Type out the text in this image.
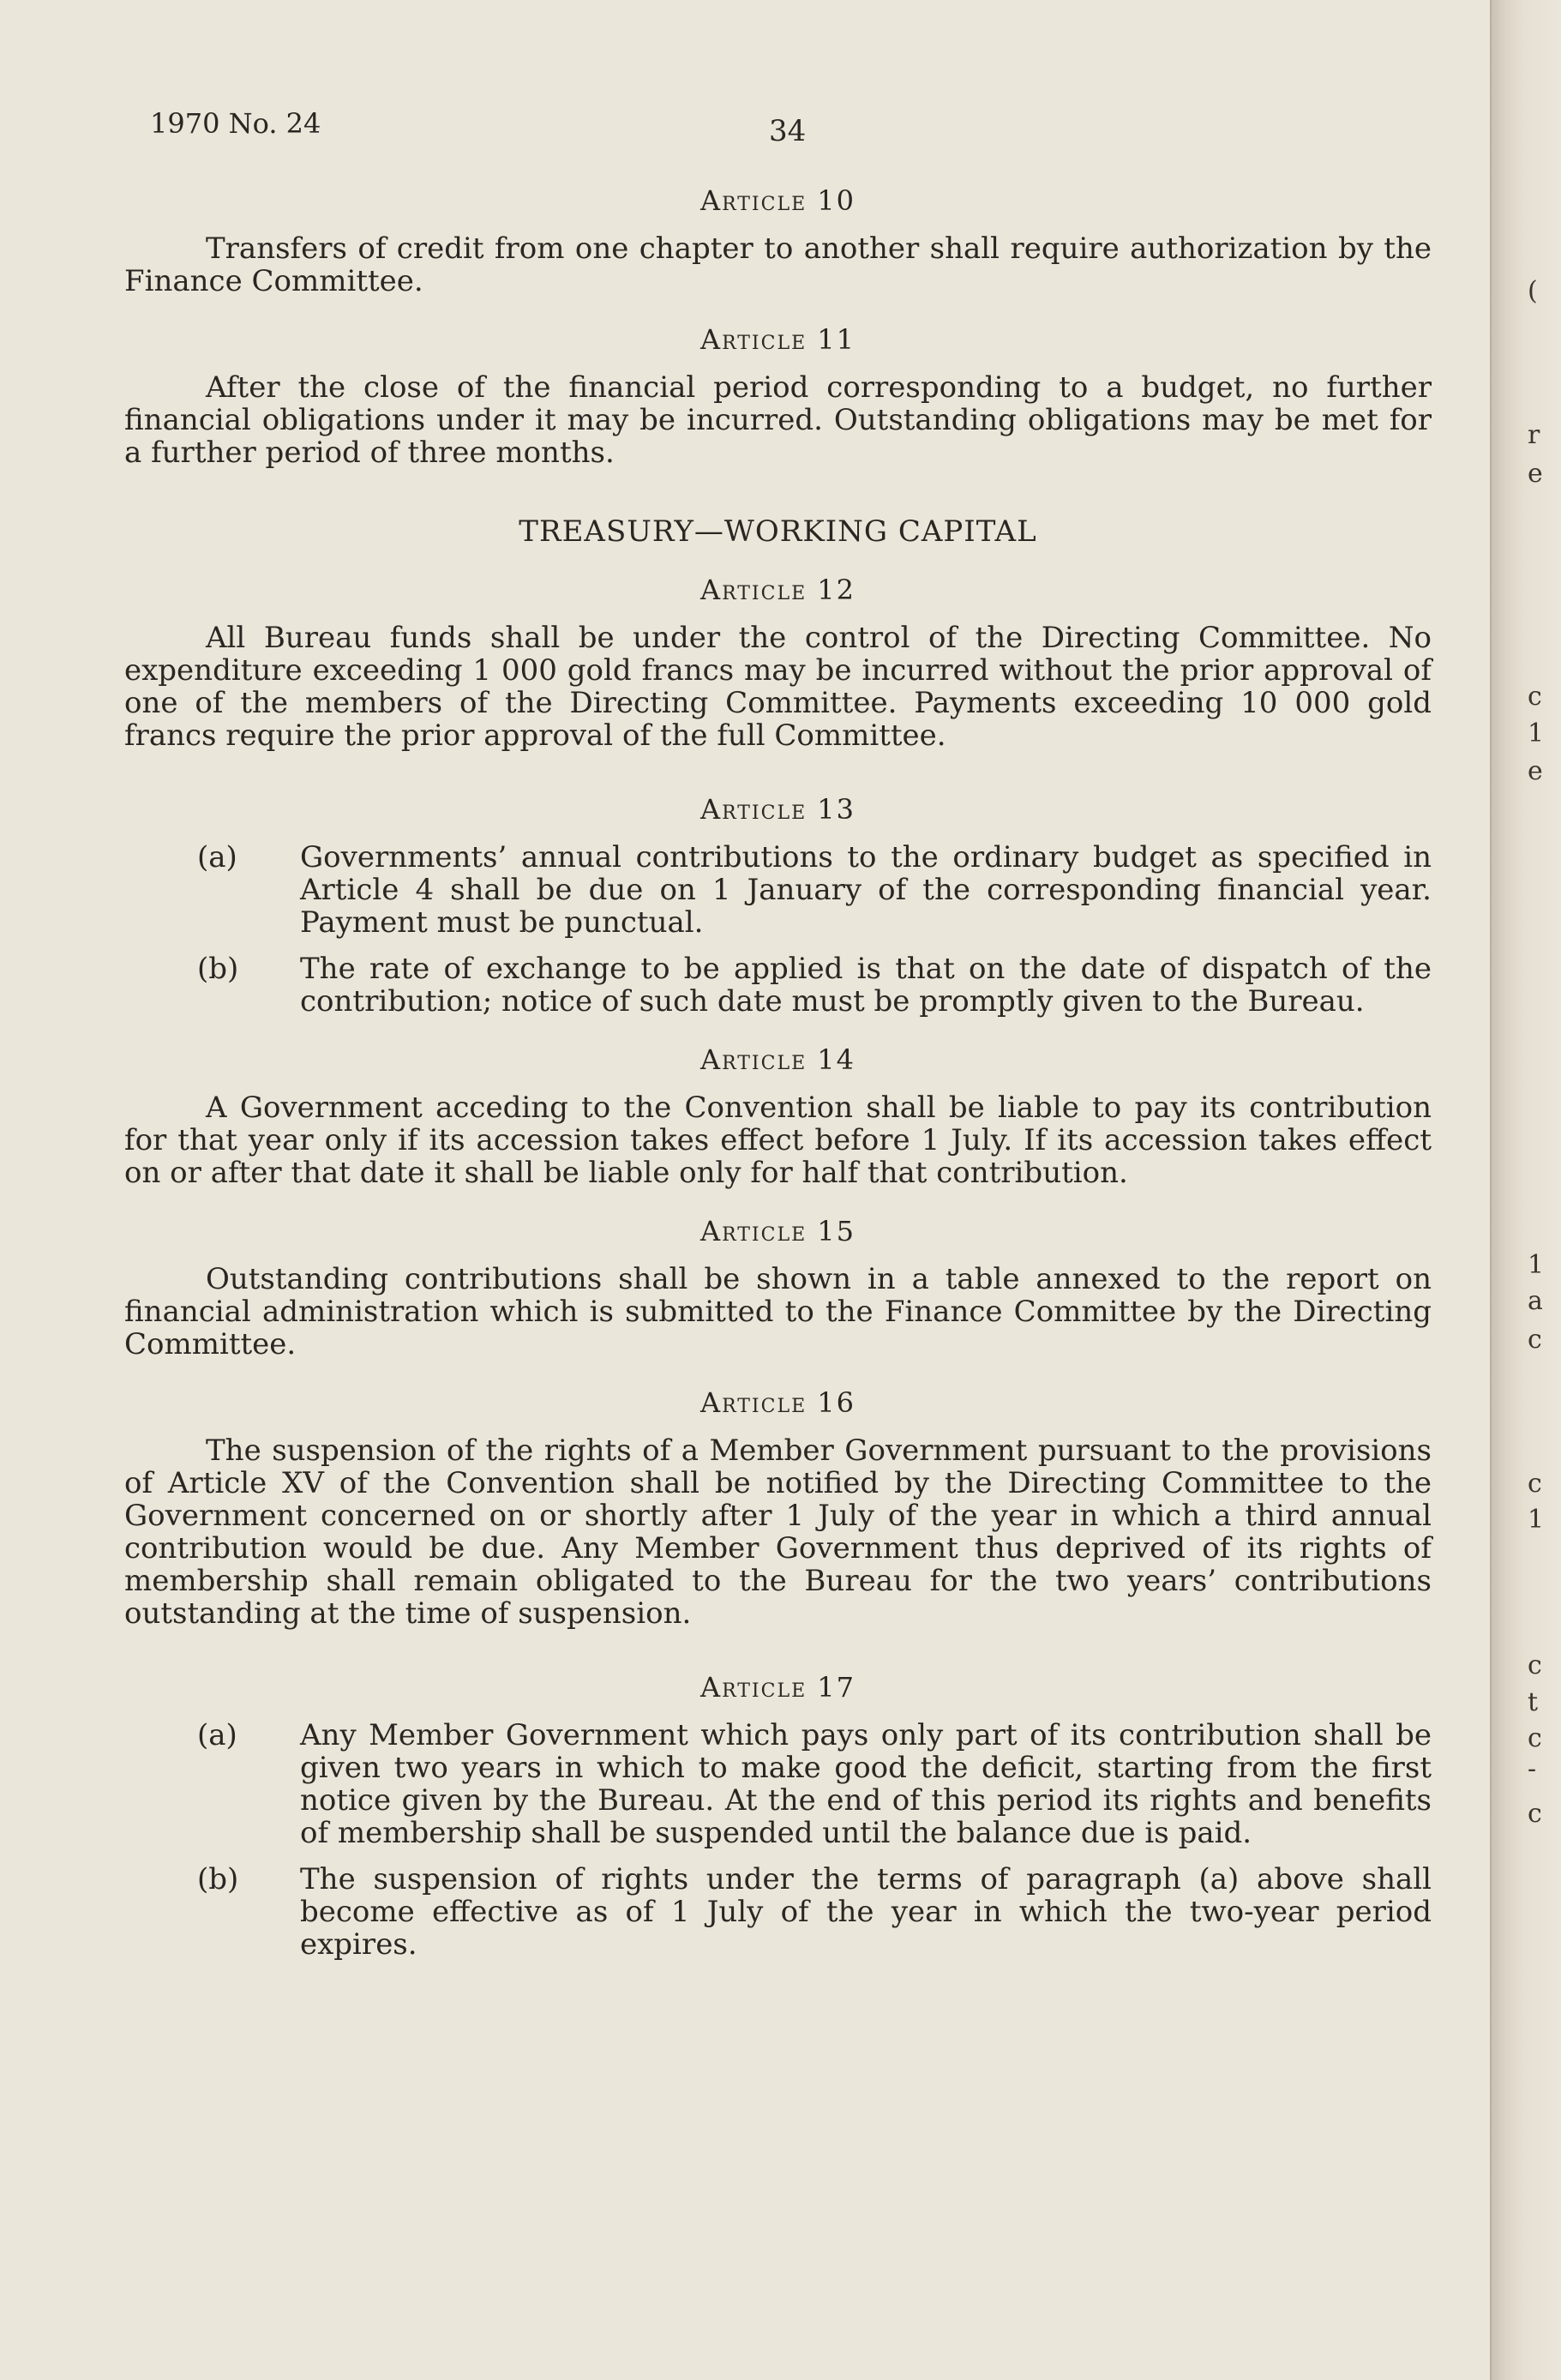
1970 No. 24	34
Article 10

Transfers of credit from one chapter to another shall require authorization by the Finance Committee.

Article 11

After the close of the financial period corresponding to a budget, no further financial obligations under it may be incurred. Outstanding obligations may be met for a further period of three months.

TREASURY—WORKING CAPITAL
Article 12

All Bureau funds shall be under the control of the Directing Committee. No expenditure exceeding 1 000 gold francs may be incurred without the prior approval of one of the members of the Directing Committee. Payments exceeding 10 000 gold francs require the prior approval of the full Committee.

Article 13
(a)	Governments’ annual contributions to the ordinary budget as specified in Article 4 shall be due on 1 January of the corresponding financial year. Payment must be punctual.
(b)	The rate of exchange to be applied is that on the date of dispatch of the contribution; notice of such date must be promptly given to the Bureau.
Article 14

A Government acceding to the Convention shall be liable to pay its contribution for that year only if its accession takes effect before 1 July. If its accession takes effect on or after that date it shall be liable only for half that contribution.

Article 15

Outstanding contributions shall be shown in a table annexed to the report on financial administration which is submitted to the Finance Committee by the Directing Committee.

Article 16

The suspension of the rights of a Member Government pursuant to the provisions of Article XV of the Convention shall be notified by the Directing Committee to the Government concerned on or shortly after 1 July of the year in which a third annual contribution would be due. Any Member Government thus deprived of its rights of membership shall remain obligated to the Bureau for the two years’ contributions outstanding at the time of suspension.

Article 17
(a)	Any Member Government which pays only part of its contribution shall be given two years in which to make good the deficit, starting from the first notice given by the Bureau. At the end of this period its rights and benefits of membership shall be suspended until the balance due is paid.
(b)	The suspension of rights under the terms of paragraph (a) above shall become effective as of 1 July of the year in which the two-year period expires.
(
r
e
c
1
e
1
a
c
c
1
c
t
c
-
c
